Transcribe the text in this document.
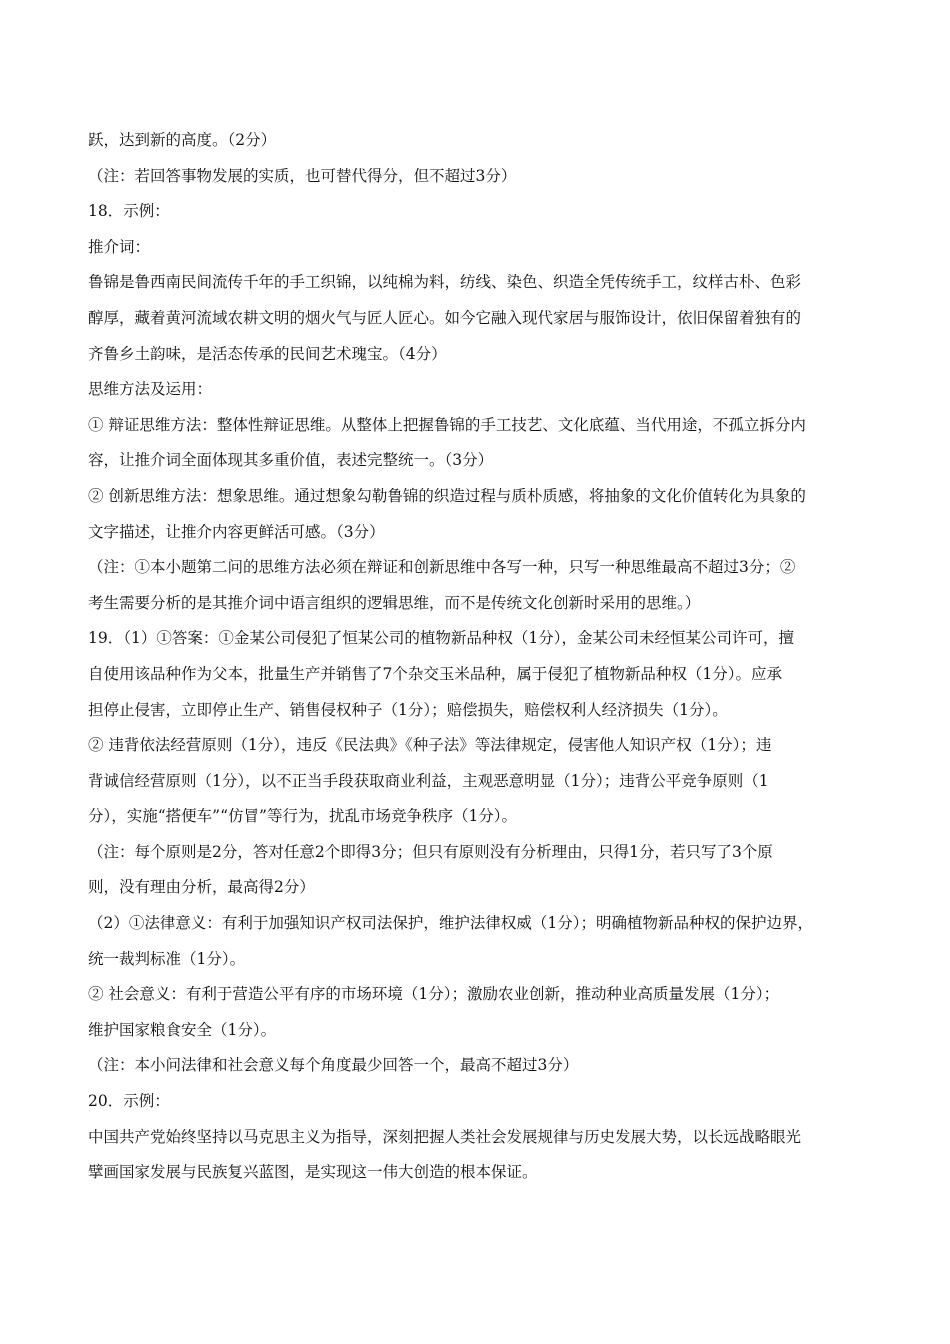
跃，达到新的高度。（2分）
（注：若回答事物发展的实质，也可替代得分，但不超过3分）
18．示例：
推介词：
鲁锦是鲁西南民间流传千年的手工织锦，以纯棉为料，纺线、染色、织造全凭传统手工，纹样古朴、色彩
醇厚，藏着黄河流域农耕文明的烟火气与匠人匠心。如今它融入现代家居与服饰设计，依旧保留着独有的
齐鲁乡土韵味，是活态传承的民间艺术瑰宝。（4分）
思维方法及运用：
① 辩证思维方法：整体性辩证思维。从整体上把握鲁锦的手工技艺、文化底蕴、当代用途，不孤立拆分内
容，让推介词全面体现其多重价值，表述完整统一。（3分）
② 创新思维方法：想象思维。通过想象勾勒鲁锦的织造过程与质朴质感，将抽象的文化价值转化为具象的
文字描述，让推介内容更鲜活可感。（3分）
（注：①本小题第二问的思维方法必须在辩证和创新思维中各写一种，只写一种思维最高不超过3分；②
考生需要分析的是其推介词中语言组织的逻辑思维，而不是传统文化创新时采用的思维。）
19．（1）①答案：①金某公司侵犯了恒某公司的植物新品种权（1分），金某公司未经恒某公司许可，擅
自使用该品种作为父本，批量生产并销售了7个杂交玉米品种，属于侵犯了植物新品种权（1分）。应承
担停止侵害，立即停止生产、销售侵权种子（1分）；赔偿损失，赔偿权利人经济损失（1分）。
② 违背依法经营原则（1分），违反《民法典》《种子法》等法律规定，侵害他人知识产权（1分）；违
背诚信经营原则（1分），以不正当手段获取商业利益，主观恶意明显（1分）；违背公平竞争原则（1
分），实施“搭便车”“仿冒”等行为，扰乱市场竞争秩序（1分）。
（注：每个原则是2分，答对任意2个即得3分；但只有原则没有分析理由，只得1分，若只写了3个原
则，没有理由分析，最高得2分）
（2）①法律意义：有利于加强知识产权司法保护，维护法律权威（1分）；明确植物新品种权的保护边界，
统一裁判标准（1分）。
② 社会意义：有利于营造公平有序的市场环境（1分）；激励农业创新，推动种业高质量发展（1分）；
维护国家粮食安全（1分）。
（注：本小问法律和社会意义每个角度最少回答一个，最高不超过3分）
20．示例：
中国共产党始终坚持以马克思主义为指导，深刻把握人类社会发展规律与历史发展大势，以长远战略眼光
擘画国家发展与民族复兴蓝图，是实现这一伟大创造的根本保证。
